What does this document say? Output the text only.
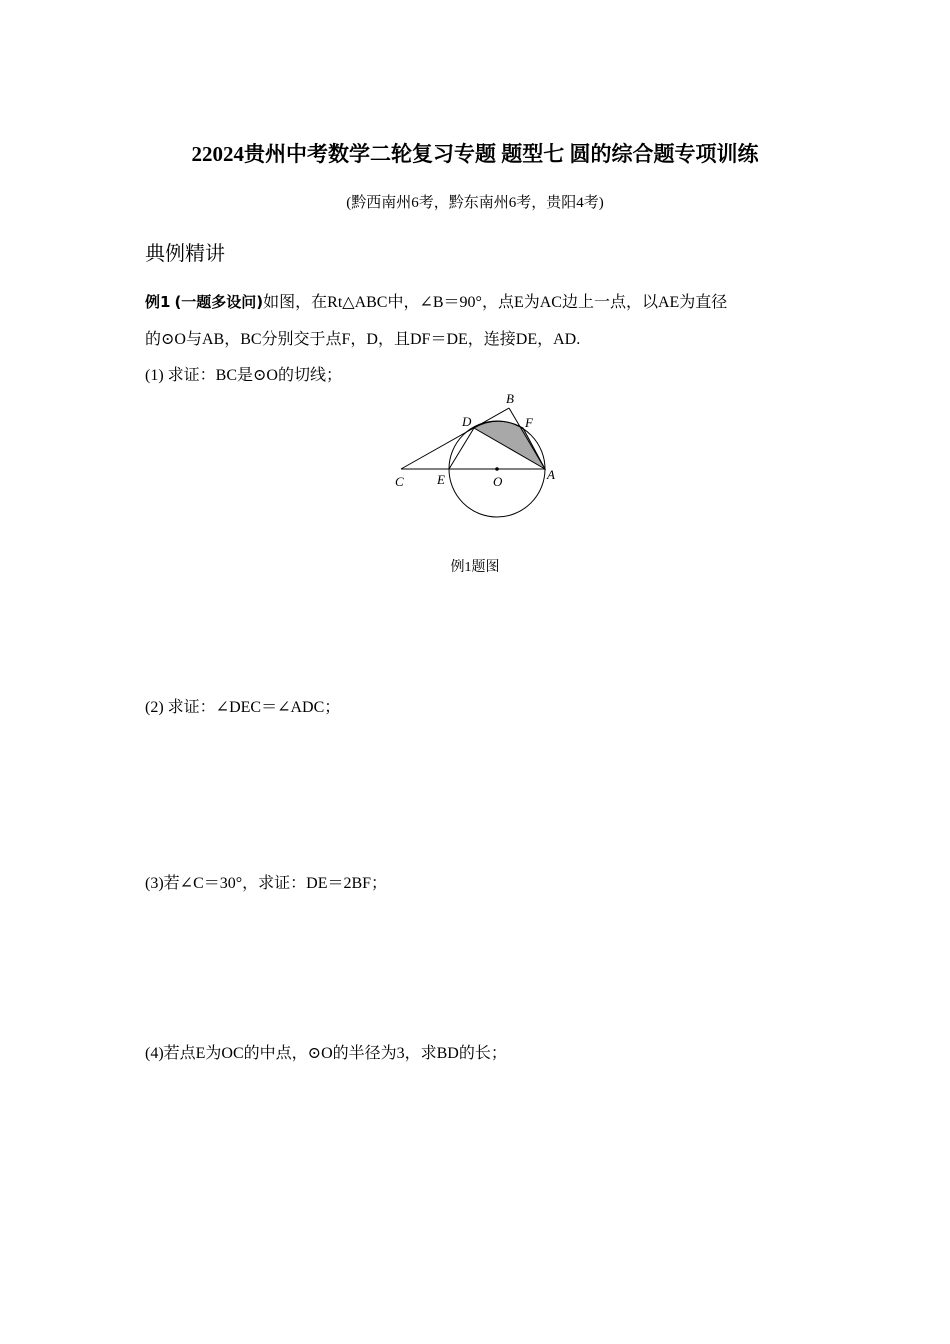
22024贵州中考数学二轮复习专题 题型七 圆的综合题专项训练
(黔西南州6考，黔东南州6考，贵阳4考)
典例精讲
例1 (一题多设问)如图，在Rt△ABC中，∠B＝90°，点E为AC边上一点，以AE为直径
的⊙O与AB，BC分别交于点F，D，且DF＝DE，连接DE，AD.
(1) 求证：BC是⊙O的切线；
B
D	F
C	E	O	A
例1题图
(2) 求证：∠DEC＝∠ADC；
(3)若∠C＝30°，求证：DE＝2BF；
(4)若点E为OC的中点，⊙O的半径为3，求BD的长；
